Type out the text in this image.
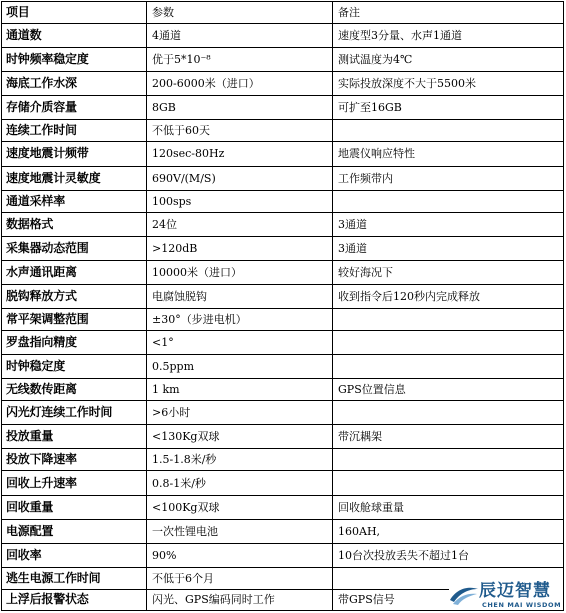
项目	参数	备注
通道数	4通道	速度型3分量、水声1通道
时钟频率稳定度	优于5*10⁻⁸	测试温度为4℃
海底工作水深	200-6000米（进口）	实际投放深度不大于5500米
存储介质容量	8GB	可扩至16GB
连续工作时间	不低于60天	
速度地震计频带	120sec-80Hz	地震仪响应特性
速度地震计灵敏度	690V/(M/S)	工作频带内
通道采样率	100sps	
数据格式	24位	3通道
采集器动态范围	>120dB	3通道
水声通讯距离	10000米（进口）	较好海况下
脱钩释放方式	电腐蚀脱钩	收到指令后120秒内完成释放
常平架调整范围	±30°（步进电机）	
罗盘指向精度	<1°	
时钟稳定度	0.5ppm	
无线数传距离	1 km	GPS位置信息
闪光灯连续工作时间	>6小时	
投放重量	<130Kg双球	带沉耦架
投放下降速率	1.5-1.8米/秒	
回收上升速率	0.8-1米/秒	
回收重量	<100Kg双球	回收舱球重量
电源配置	一次性锂电池	160AH,
回收率	90%	10台次投放丢失不超过1台
逃生电源工作时间	不低于6个月	
上浮后报警状态	闪光、GPS编码同时工作	带GPS信号	辰迈智慧
CHEN MAI WISDOM
